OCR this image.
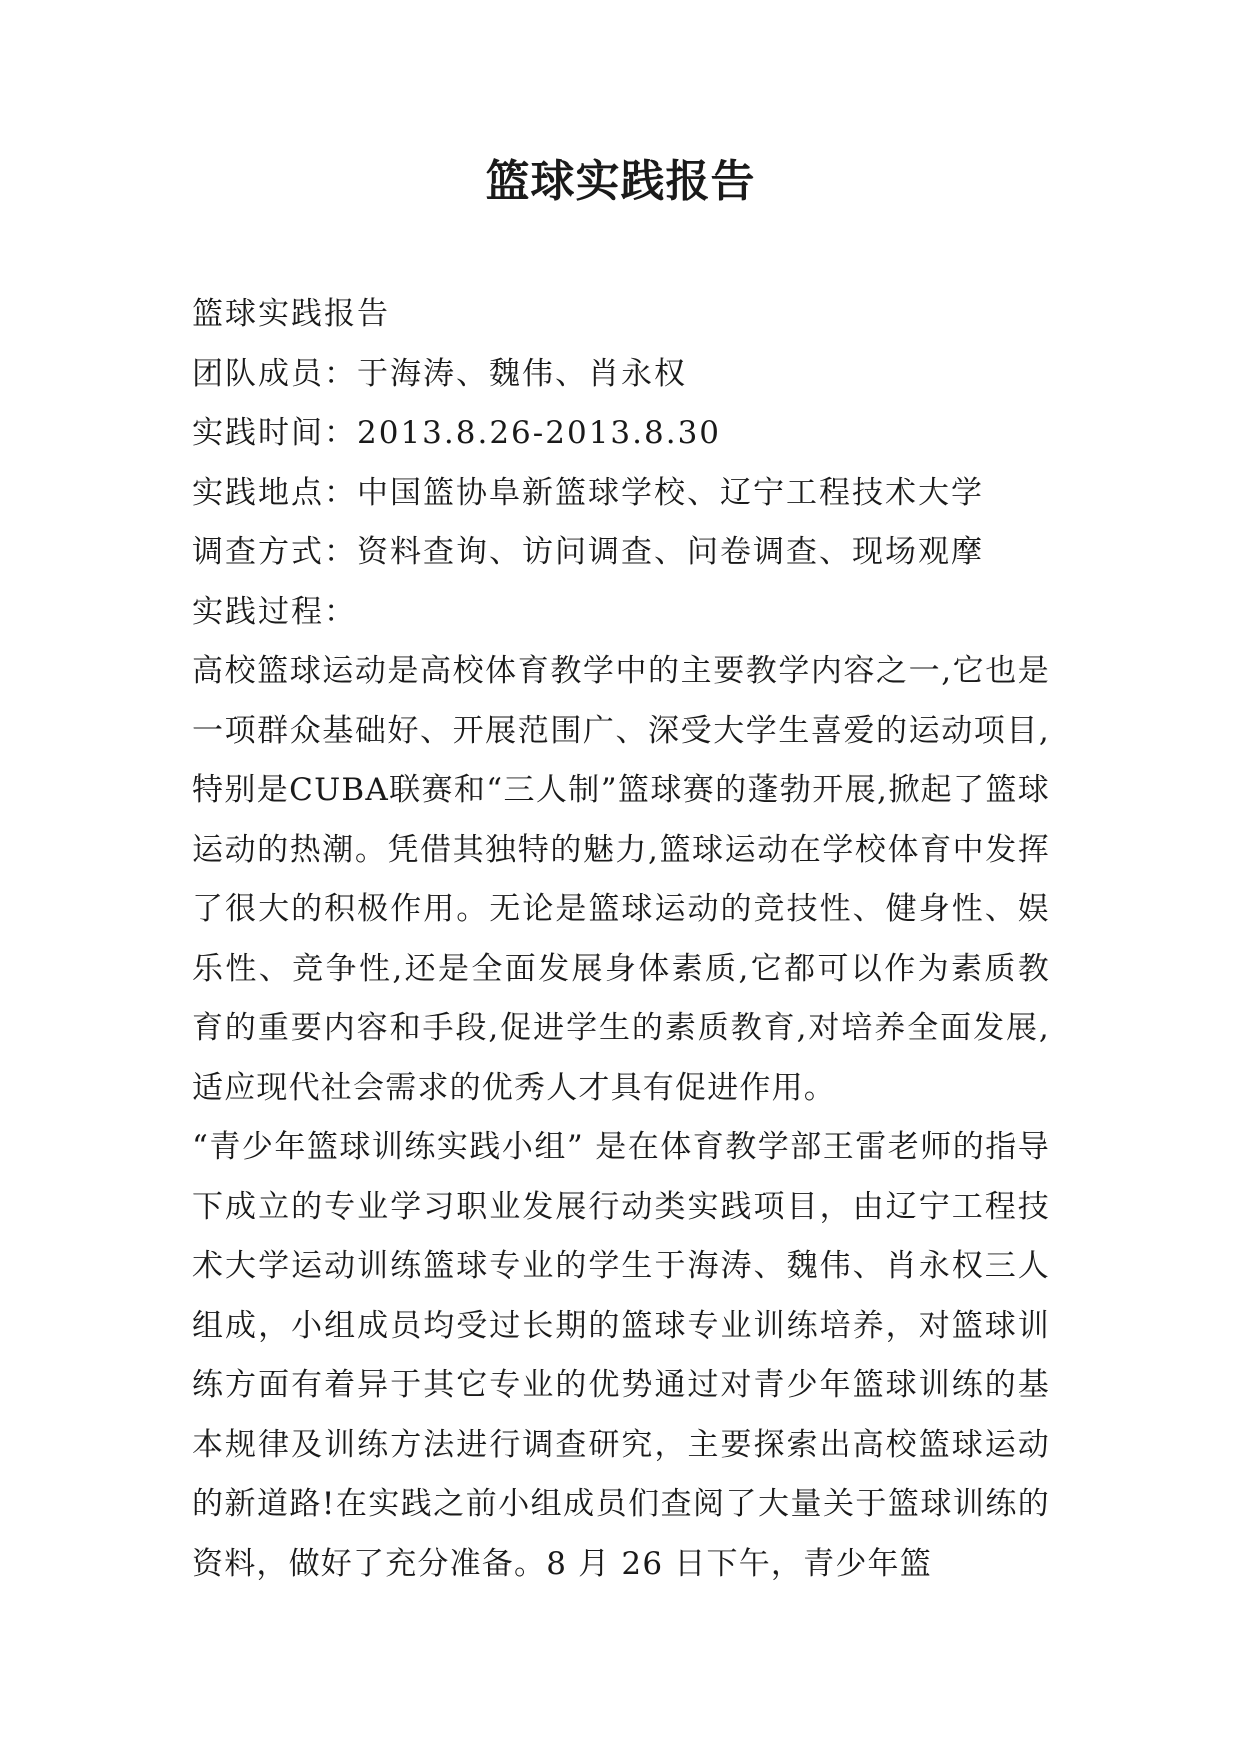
篮球实践报告

篮球实践报告

团队成员：于海涛、魏伟、肖永权

实践时间：2013.8.26-2013.8.30

实践地点：中国篮协阜新篮球学校、辽宁工程技术大学

调查方式：资料查询、访问调查、问卷调查、现场观摩

实践过程：

高校篮球运动是高校体育教学中的主要教学内容之一,它也是一项群众基础好、开展范围广、深受大学生喜爱的运动项目,特别是CUBA联赛和“三人制”篮球赛的蓬勃开展,掀起了篮球运动的热潮。凭借其独特的魅力,篮球运动在学校体育中发挥了很大的积极作用。无论是篮球运动的竞技性、健身性、娱乐性、竞争性,还是全面发展身体素质,它都可以作为素质教育的重要内容和手段,促进学生的素质教育,对培养全面发展,适应现代社会需求的优秀人才具有促进作用。

“青少年篮球训练实践小组” 是在体育教学部王雷老师的指导下成立的专业学习职业发展行动类实践项目，由辽宁工程技术大学运动训练篮球专业的学生于海涛、魏伟、肖永权三人组成，小组成员均受过长期的篮球专业训练培养，对篮球训练方面有着异于其它专业的优势通过对青少年篮球训练的基本规律及训练方法进行调查研究，主要探索出高校篮球运动的新道路!在实践之前小组成员们查阅了大量关于篮球训练的资料，做好了充分准备。8 月 26 日下午，青少年篮
